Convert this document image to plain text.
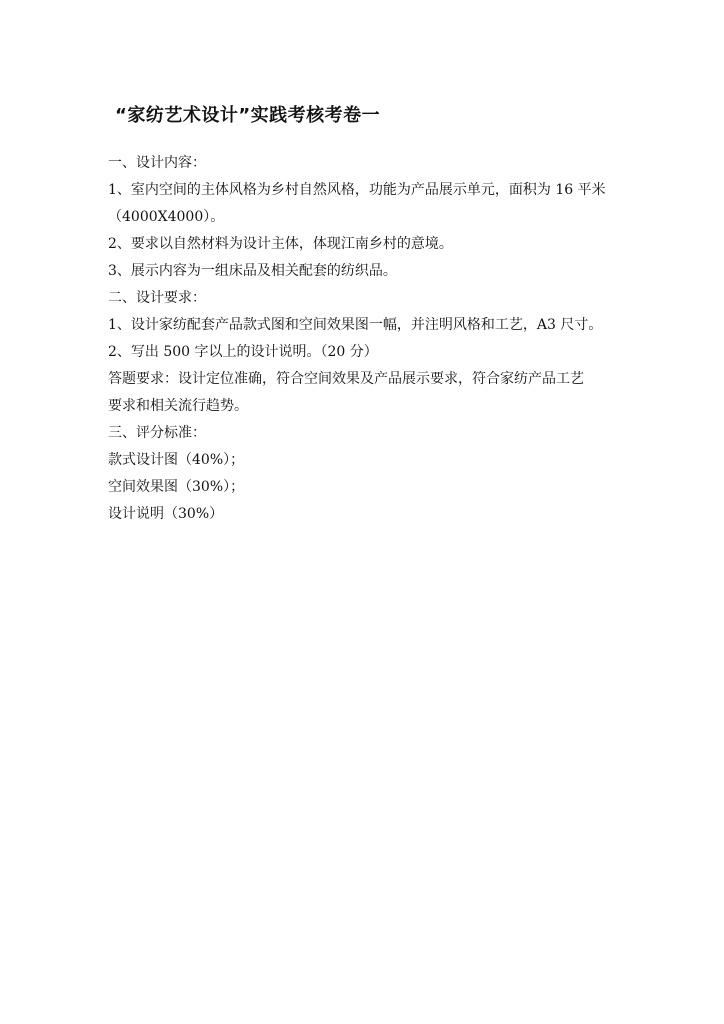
“家纺艺术设计”实践考核考卷一
一、设计内容：
1、室内空间的主体风格为乡村自然风格，功能为产品展示单元，面积为 16 平米
（4000X4000）。
2、要求以自然材料为设计主体，体现江南乡村的意境。
3、展示内容为一组床品及相关配套的纺织品。
二、设计要求：
1、设计家纺配套产品款式图和空间效果图一幅，并注明风格和工艺，A3 尺寸。
2、写出 500 字以上的设计说明。（20 分）
答题要求：设计定位准确，符合空间效果及产品展示要求，符合家纺产品工艺
要求和相关流行趋势。
三、评分标准：
款式设计图（40%）；
空间效果图（30%）；
设计说明（30%）
